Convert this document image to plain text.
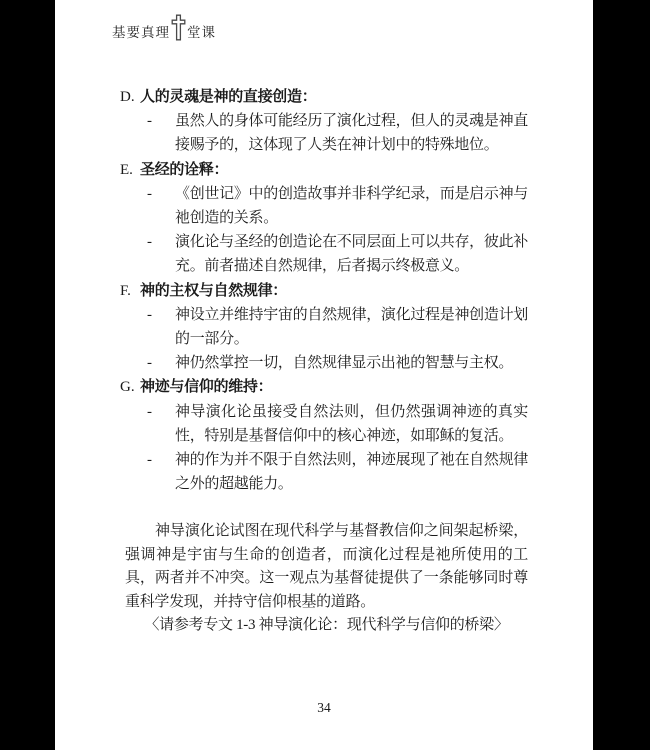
基要真理 堂课
D. 人的灵魂是神的直接创造：
- 虽然人的身体可能经历了演化过程，但人的灵魂是神直接赐予的，这体现了人类在神计划中的特殊地位。
E. 圣经的诠释：
- 《创世记》中的创造故事并非科学纪录，而是启示神与祂创造的关系。
- 演化论与圣经的创造论在不同层面上可以共存，彼此补充。前者描述自然规律，后者揭示终极意义。
F. 神的主权与自然规律：
- 神设立并维持宇宙的自然规律，演化过程是神创造计划的一部分。
- 神仍然掌控一切，自然规律显示出祂的智慧与主权。
G. 神迹与信仰的维持：
- 神导演化论虽接受自然法则，但仍然强调神迹的真实性，特别是基督信仰中的核心神迹，如耶稣的复活。
- 神的作为并不限于自然法则，神迹展现了祂在自然规律之外的超越能力。

神导演化论试图在现代科学与基督教信仰之间架起桥梁，强调神是宇宙与生命的创造者，而演化过程是祂所使用的工具，两者并不冲突。这一观点为基督徒提供了一条能够同时尊重科学发现，并持守信仰根基的道路。

〈请参考专文 1-3 神导演化论：现代科学与信仰的桥梁〉
34
